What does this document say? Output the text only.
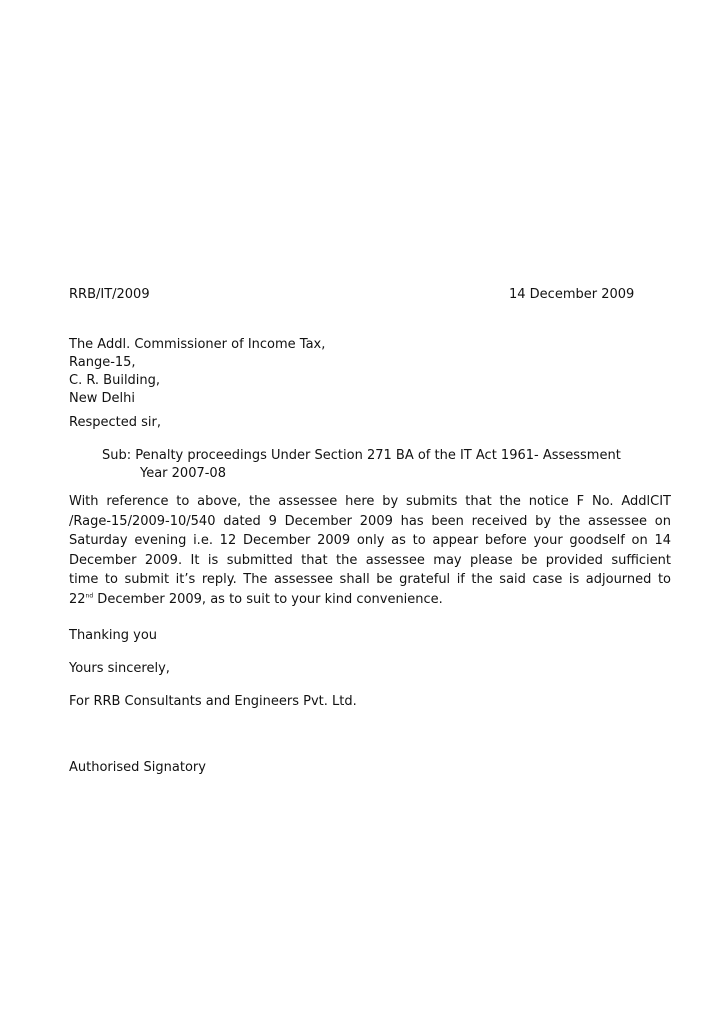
RRB/IT/2009	14 December 2009
The Addl. Commissioner of Income Tax,
Range-15,
C. R. Building,
New Delhi
Respected sir,
Sub: Penalty proceedings Under Section 271 BA of the IT Act 1961- Assessment
Year 2007-08
With reference to above, the assessee here by submits that the notice F No. AddlCIT
/Rage-15/2009-10/540 dated 9 December 2009 has been received by the assessee on
Saturday evening i.e. 12 December 2009 only as to appear before your goodself on 14
December 2009. It is submitted that the assessee may please be provided sufficient
time to submit it’s reply. The assessee shall be grateful if the said case is adjourned to
22nd December 2009, as to suit to your kind convenience.
Thanking you
Yours sincerely,
For RRB Consultants and Engineers Pvt. Ltd.
Authorised Signatory
